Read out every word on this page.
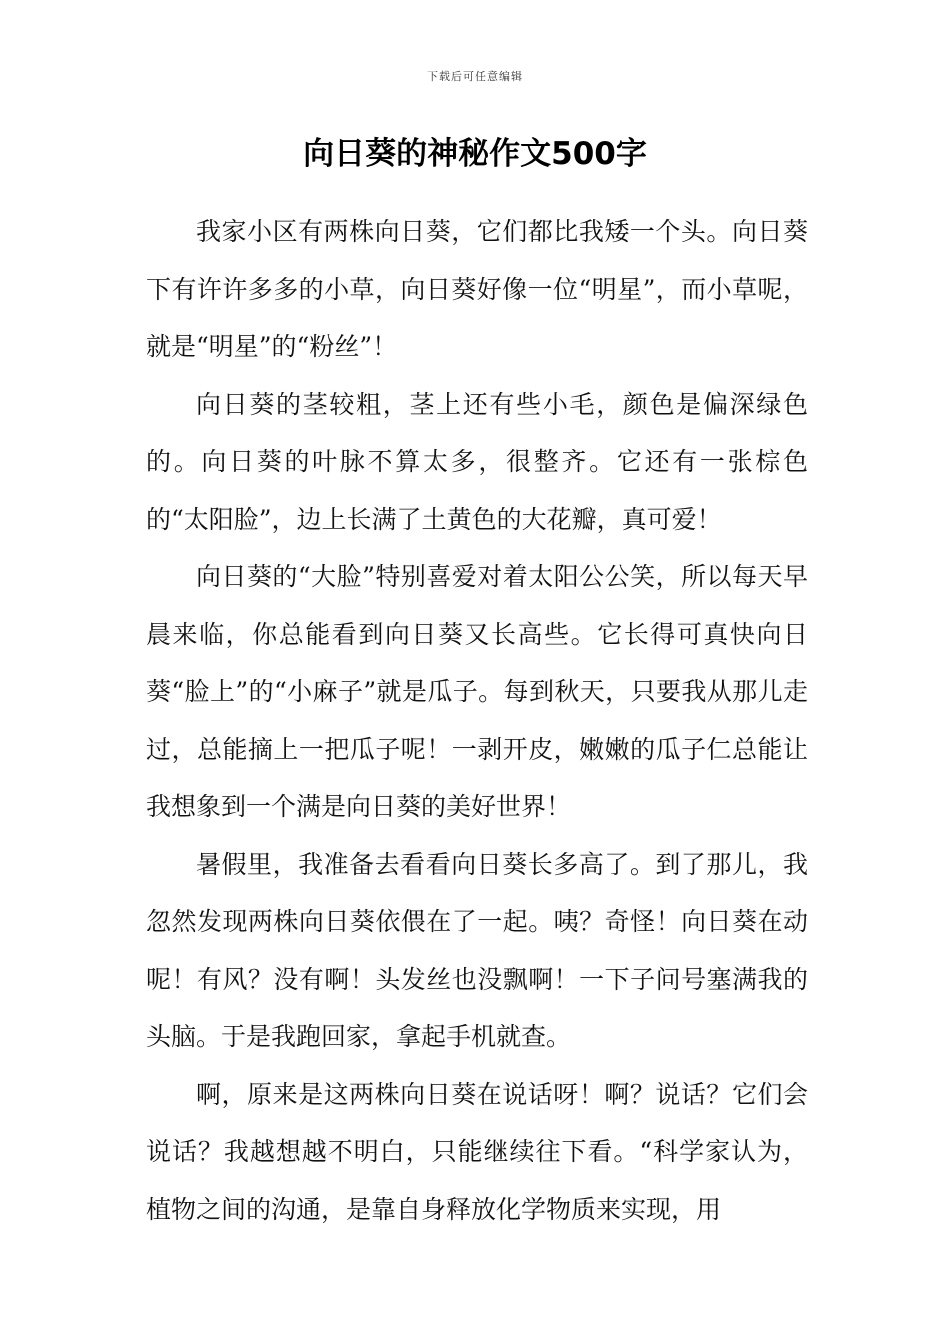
下载后可任意编辑
向日葵的神秘作文500字

我家小区有两株向日葵，它们都比我矮一个头。向日葵下有许许多多的小草，向日葵好像一位“明星”，而小草呢，就是“明星”的“粉丝”！

向日葵的茎较粗，茎上还有些小毛，颜色是偏深绿色的。向日葵的叶脉不算太多，很整齐。它还有一张棕色的“太阳脸”，边上长满了土黄色的大花瓣，真可爱！

向日葵的“大脸”特别喜爱对着太阳公公笑，所以每天早晨来临，你总能看到向日葵又长高些。它长得可真快向日葵“脸上”的“小麻子”就是瓜子。每到秋天，只要我从那儿走过，总能摘上一把瓜子呢！一剥开皮，嫩嫩的瓜子仁总能让我想象到一个满是向日葵的美好世界！

暑假里，我准备去看看向日葵长多高了。到了那儿，我忽然发现两株向日葵依偎在了一起。咦？奇怪！向日葵在动呢！有风？没有啊！头发丝也没飘啊！一下子问号塞满我的头脑。于是我跑回家，拿起手机就查。

啊，原来是这两株向日葵在说话呀！啊？说话？它们会说话？我越想越不明白，只能继续往下看。“科学家认为，植物之间的沟通，是靠自身释放化学物质来实现，用
